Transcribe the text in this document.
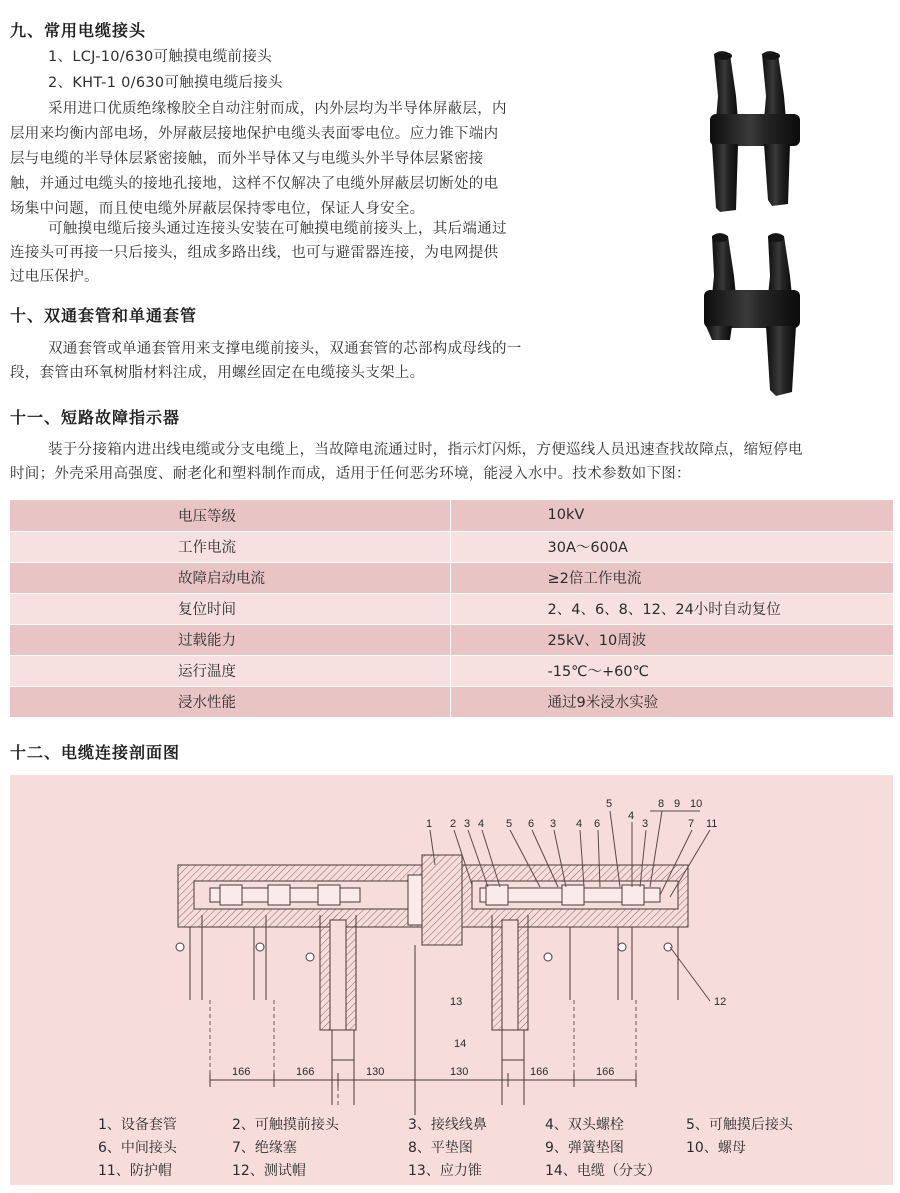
九、常用电缆接头
1、LCJ-10/630可触摸电缆前接头
2、KHT-1 0/630可触摸电缆后接头
采用进口优质绝缘橡胶全自动注射而成，内外层均为半导体屏蔽层，内
层用来均衡内部电场，外屏蔽层接地保护电缆头表面零电位。应力锥下端内
层与电缆的半导体层紧密接触，而外半导体又与电缆头外半导体层紧密接
触，并通过电缆头的接地孔接地，这样不仅解决了电缆外屏蔽层切断处的电
场集中问题，而且使电缆外屏蔽层保持零电位，保证人身安全。
可触摸电缆后接头通过连接头安装在可触摸电缆前接头上，其后端通过
连接头可再接一只后接头，组成多路出线，也可与避雷器连接，为电网提供
过电压保护。
十、双通套管和单通套管
双通套管或单通套管用来支撑电缆前接头，双通套管的芯部构成母线的一
段，套管由环氧树脂材料注成，用螺丝固定在电缆接头支架上。
十一、短路故障指示器
装于分接箱内进出线电缆或分支电缆上，当故障电流通过时，指示灯闪烁，方便巡线人员迅速查找故障点，缩短停电
时间；外壳采用高强度、耐老化和塑料制作而成，适用于任何恶劣环境，能浸入水中。技术参数如下图：
电压等级	10kV
工作电流	30A～600A
故障启动电流	≥2倍工作电流
复位时间	2、4、6、8、12、24小时自动复位
过载能力	25kV、10周波
运行温度	-15℃～+60℃
浸水性能	通过9米浸水实验
十二、电缆连接剖面图
166	166	130	130	166	166
1 2 3 4 5 6 3 4 6
5
4
3
8 9 10
7 11
13
14
12
1、设备套管	2、可触摸前接头	3、接线线鼻	4、双头螺栓	5、可触摸后接头
6、中间接头	7、绝缘塞	8、平垫图	9、弹簧垫图	10、螺母
11、防护帽	12、测试帽	13、应力锥	14、电缆（分支）
